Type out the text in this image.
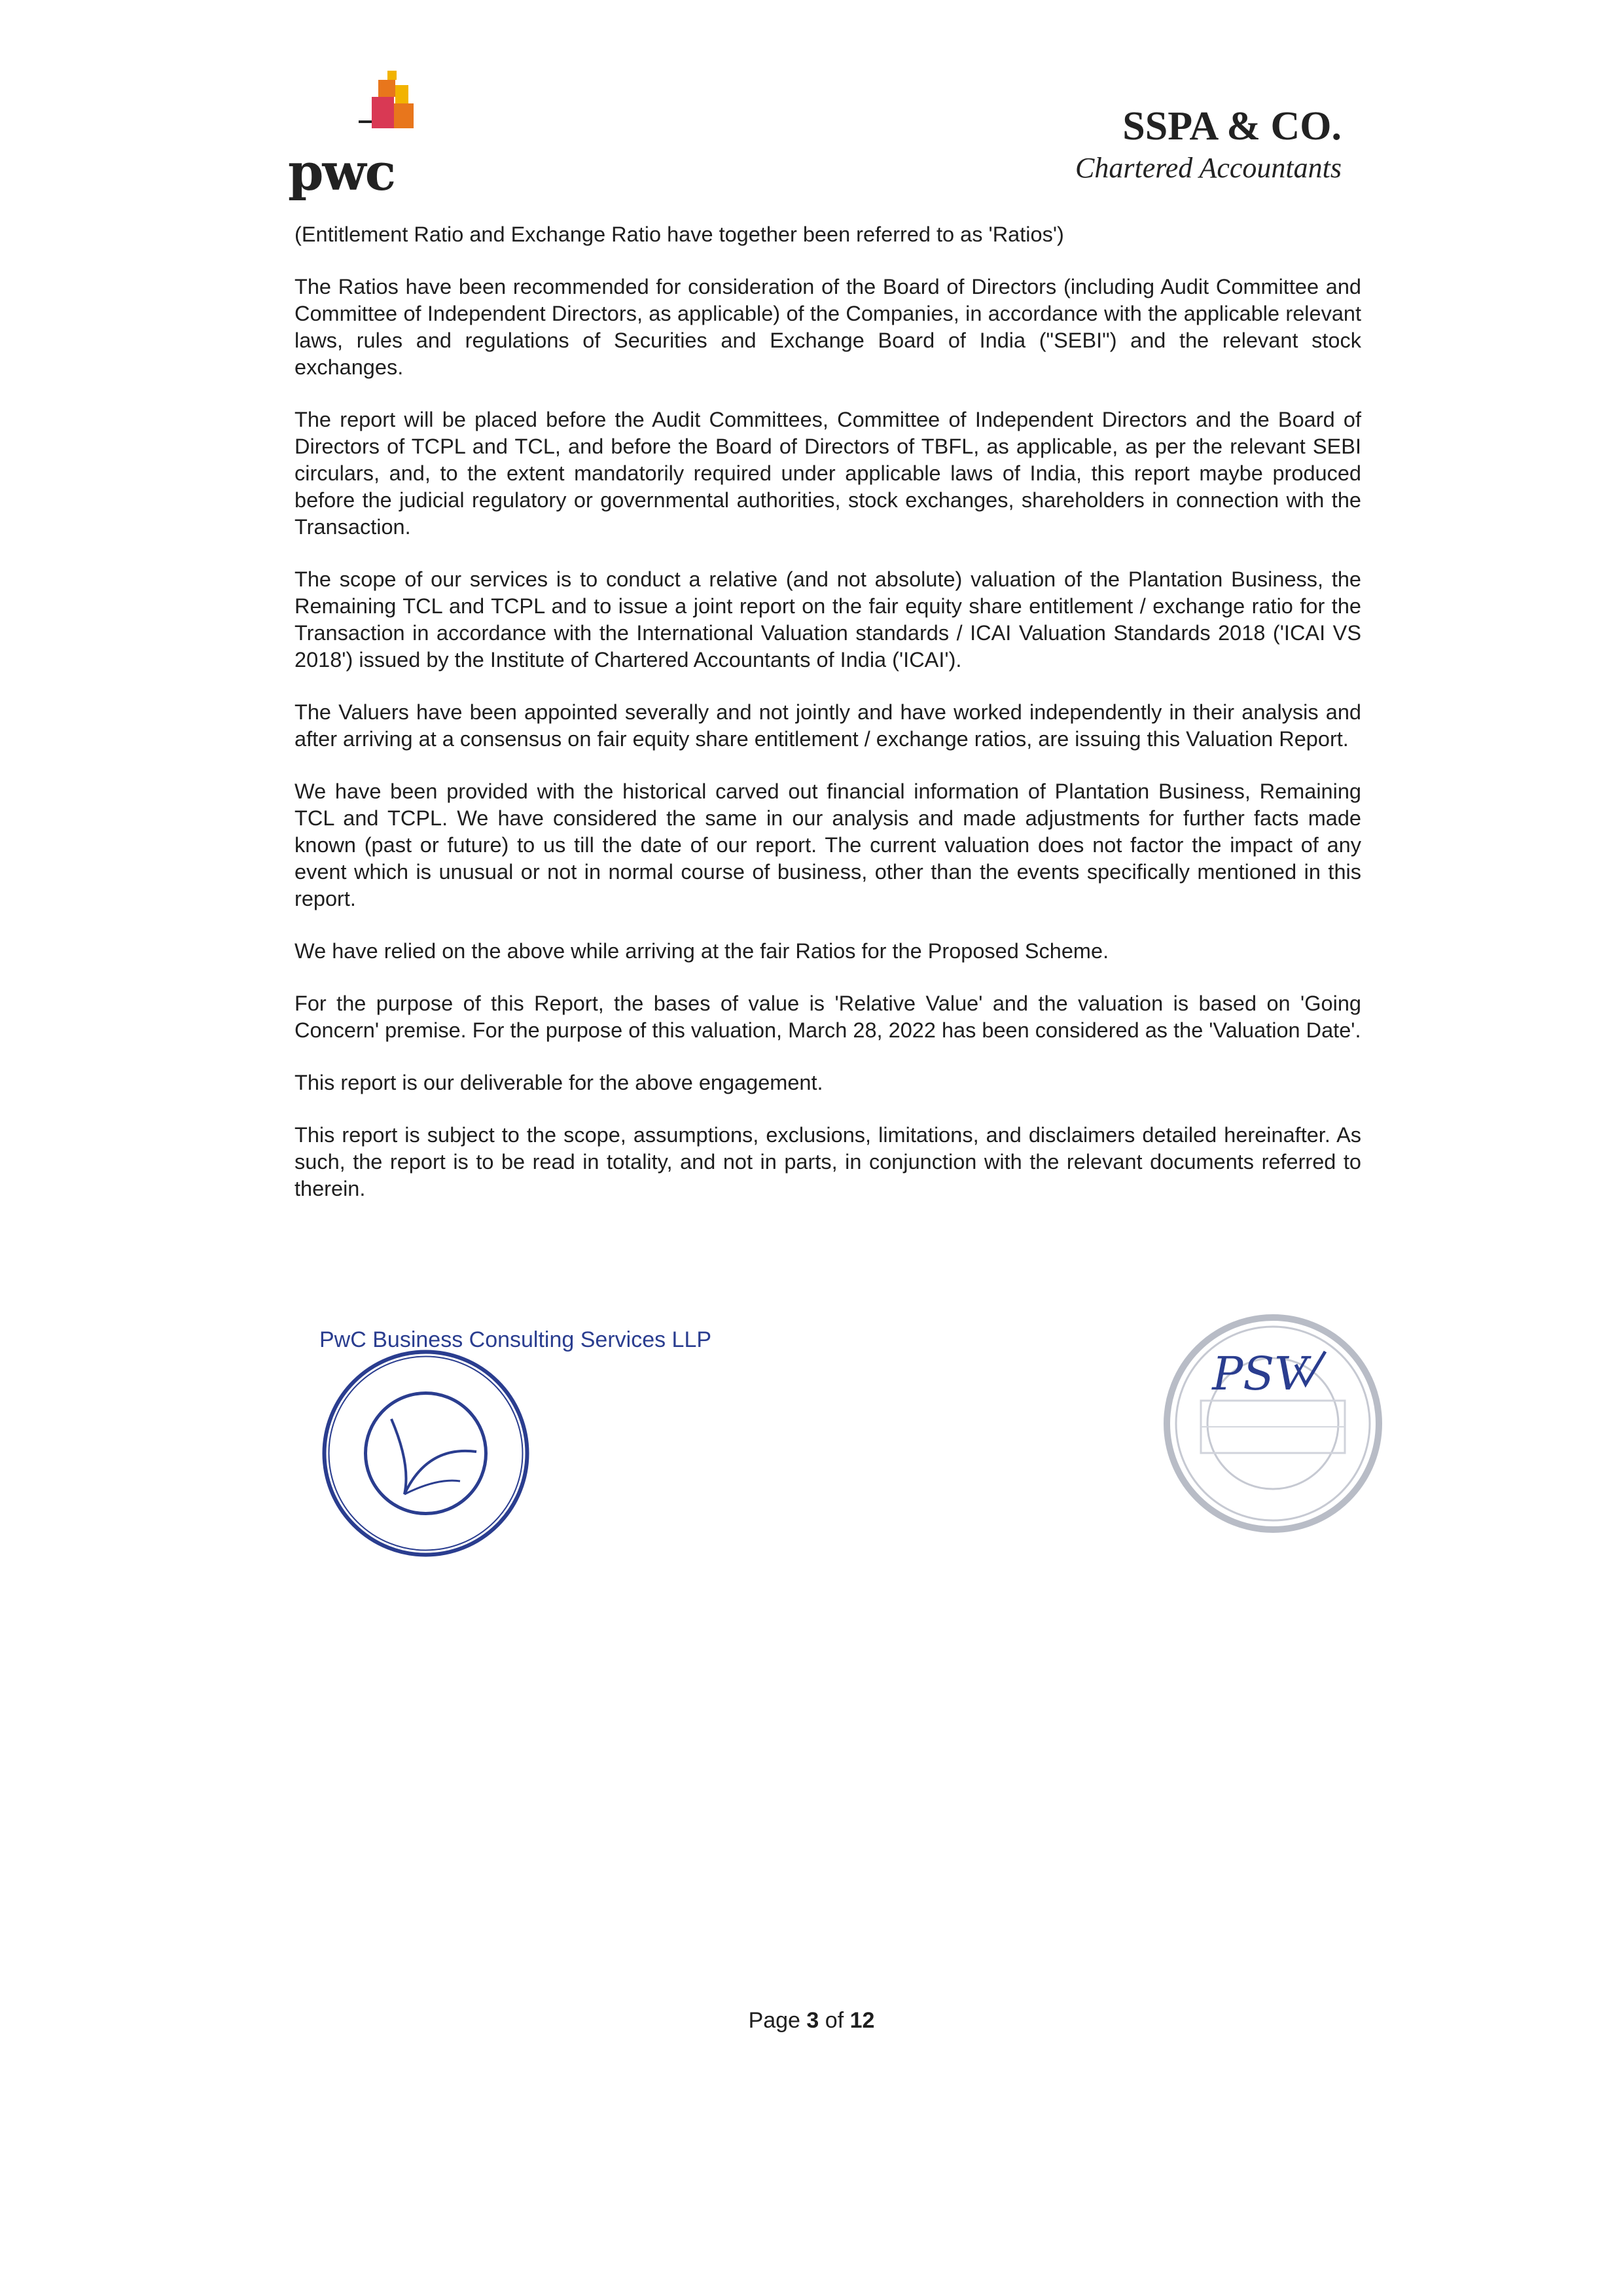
pwc
SSPA & CO.
Chartered Accountants

(Entitlement Ratio and Exchange Ratio have together been referred to as 'Ratios')

The Ratios have been recommended for consideration of the Board of Directors (including Audit Committee and Committee of Independent Directors, as applicable) of the Companies, in accordance with the applicable relevant laws, rules and regulations of Securities and Exchange Board of India ("SEBI") and the relevant stock exchanges.

The report will be placed before the Audit Committees, Committee of Independent Directors and the Board of Directors of TCPL and TCL, and before the Board of Directors of TBFL, as applicable, as per the relevant SEBI circulars, and, to the extent mandatorily required under applicable laws of India, this report maybe produced before the judicial regulatory or governmental authorities, stock exchanges, shareholders in connection with the Transaction.

The scope of our services is to conduct a relative (and not absolute) valuation of the Plantation Business, the Remaining TCL and TCPL and to issue a joint report on the fair equity share entitlement / exchange ratio for the Transaction in accordance with the International Valuation standards / ICAI Valuation Standards 2018 ('ICAI VS 2018') issued by the Institute of Chartered Accountants of India ('ICAI').

The Valuers have been appointed severally and not jointly and have worked independently in their analysis and after arriving at a consensus on fair equity share entitlement / exchange ratios, are issuing this Valuation Report.

We have been provided with the historical carved out financial information of Plantation Business, Remaining TCL and TCPL. We have considered the same in our analysis and made adjustments for further facts made known (past or future) to us till the date of our report. The current valuation does not factor the impact of any event which is unusual or not in normal course of business, other than the events specifically mentioned in this report.

We have relied on the above while arriving at the fair Ratios for the Proposed Scheme.

For the purpose of this Report, the bases of value is 'Relative Value' and the valuation is based on 'Going Concern' premise. For the purpose of this valuation, March 28, 2022 has been considered as the 'Valuation Date'.

This report is our deliverable for the above engagement.

This report is subject to the scope, assumptions, exclusions, limitations, and disclaimers detailed hereinafter. As such, the report is to be read in totality, and not in parts, in conjunction with the relevant documents referred to therein.

PwC Business Consulting Services LLP
PSV
Page 3 of 12
